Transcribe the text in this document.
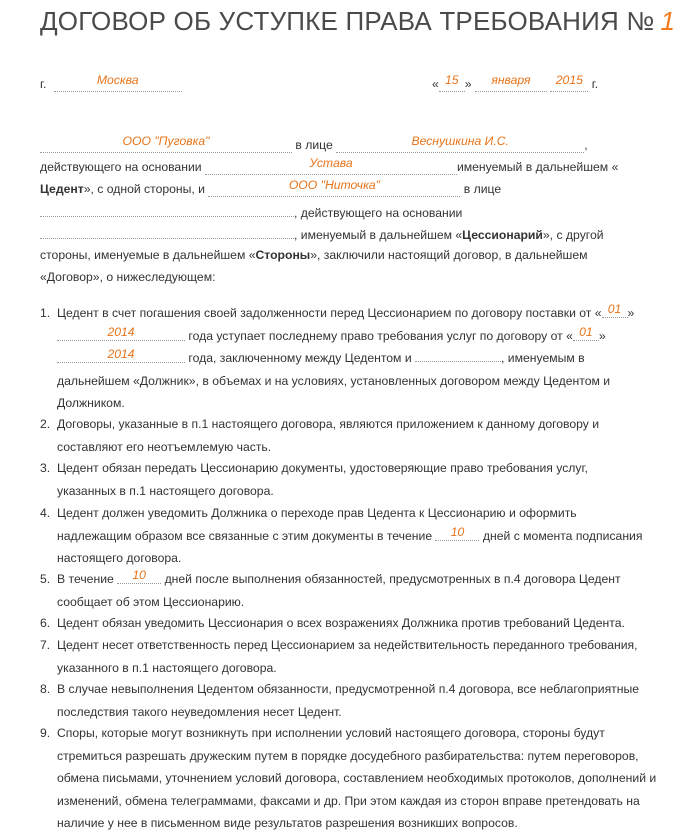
ДОГОВОР ОБ УСТУПКЕ ПРАВА ТРЕБОВАНИЯ № 1
г.	Москва	« 15 » января 2015 г.
ООО "Пуговка"	в лице	Веснушкина И.С.	,
действующего на основании	Устава	именуемый в дальнейшем «
Цедент», с одной стороны, и	ООО "Ниточка"	в лице
, действующего на основании
, именуемый в дальнейшем «Цессионарий», с другой
стороны, именуемые в дальнейшем «Стороны», заключили настоящий договор, в дальнейшем
«Договор», о нижеследующем:
1. Цедент в счет погашения своей задолженности перед Цессионарием по договору поставки от « 01 »
2014	года уступает последнему право требования услуг по договору от « 01 »
2014	года, заключенному между Цедентом и	, именуемым в
дальнейшем «Должник», в объемах и на условиях, установленных договором между Цедентом и
Должником.
2. Договоры, указанные в п.1 настоящего договора, являются приложением к данному договору и составляют его неотъемлемую часть.
3. Цедент обязан передать Цессионарию документы, удостоверяющие право требования услуг, указанных в п.1 настоящего договора.
4. Цедент должен уведомить Должника о переходе прав Цедента к Цессионарию и оформить
надлежащим образом все связанные с этим документы в течение 10 дней с момента подписания
настоящего договора.
5. В течение 10 дней после выполнения обязанностей, предусмотренных в п.4 договора Цедент
сообщает об этом Цессионарию.
6. Цедент обязан уведомить Цессионария о всех возражениях Должника против требований Цедента.
7. Цедент несет ответственность перед Цессионарием за недействительность переданного требования, указанного в п.1 настоящего договора.
8. В случае невыполнения Цедентом обязанности, предусмотренной п.4 договора, все неблагоприятные последствия такого неуведомления несет Цедент.
9. Споры, которые могут возникнуть при исполнении условий настоящего договора, стороны будут стремиться разрешать дружеским путем в порядке досудебного разбирательства: путем переговоров, обмена письмами, уточнением условий договора, составлением необходимых протоколов, дополнений и изменений, обмена телеграммами, факсами и др. При этом каждая из сторон вправе претендовать на наличие у нее в письменном виде результатов разрешения возникших вопросов.
